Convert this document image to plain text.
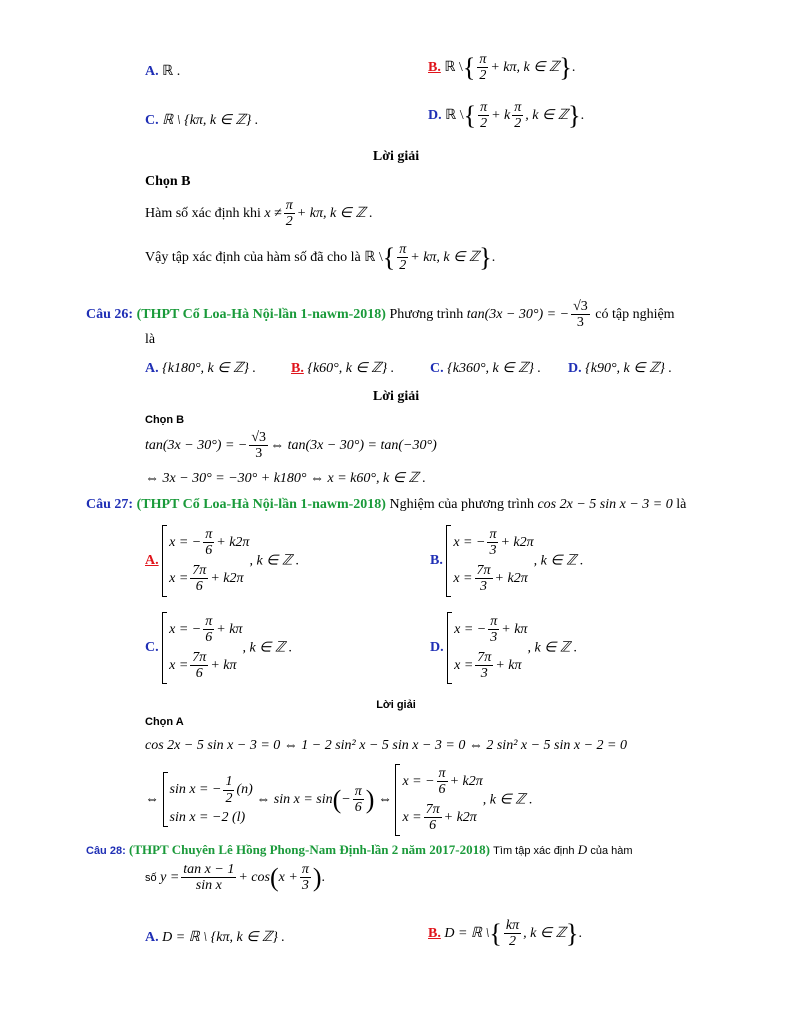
A. ℝ .	B. ℝ \{ $\frac{\pi}{2} + k\pi$, k ∈ ℤ}.
C. ℝ \ {kπ, k ∈ ℤ} .	D. ℝ \{ $\frac{\pi}{2} + k \frac{\pi}{2}$ , k ∈ ℤ}.
Lời giải
Chọn B
Hàm số xác định khi $x \ne \frac{\pi}{2} + k\pi$, k ∈ ℤ .
Vậy tập xác định của hàm số đã cho là ℝ \{ $\frac{\pi}{2} + k\pi$, k ∈ ℤ}.
Câu 26: (THPT Cổ Loa-Hà Nội-lần 1-nawm-2018) Phương trình tan(3x − 30°) = − $\frac{√3}{3}$ có tập nghiệm
là
A. {k180°, k ∈ ℤ} .	B. {k60°, k ∈ ℤ} .	C. {k360°, k ∈ ℤ} . D. {k90°, k ∈ ℤ} .
Lời giải
Chọn B
tan(3x − 30°) = − $\frac{√3}{3}$ ⇔ tan(3x − 30°) = tan(−30°)
⇔ 3x − 30° = −30° + k180° ⇔ x = k60°, k ∈ ℤ .
Câu 27: (THPT Cổ Loa-Hà Nội-lần 1-nawm-2018) Nghiệm của phương trình cos 2x − 5 sin x − 3 = 0 là
A.
x = − $\frac{\pi}{6} + k2\pi$
$x = \frac{7\pi}{6} + k2\pi$
, k ∈ ℤ .	B.
x = − $\frac{\pi}{3} + k2\pi$
$x = \frac{7\pi}{3} + k2\pi$
, k ∈ ℤ .
C.
x = − $\frac{\pi}{6} + k\pi$
$x = \frac{7\pi}{6} + k\pi$
, k ∈ ℤ .	D.
x = − $\frac{\pi}{3} + k\pi$
$x = \frac{7\pi}{3} + k\pi$
, k ∈ ℤ .
Lời giải
Chọn A
cos 2x − 5 sin x − 3 = 0 ⇔ 1 − 2 sin² x − 5 sin x − 3 = 0 ⇔ 2 sin² x − 5 sin x − 2 = 0
⇔
sin x = − $\frac{1}{2} (n)$
sin x = −2 (l)
⇔ $\sin x = \sin(- \frac{\pi}{6}$ ) ⇔
x = − $\frac{\pi}{6} + k2\pi$
$x = \frac{7\pi}{6} + k2\pi$
, k ∈ ℤ .
Câu 28: (THPT Chuyên Lê Hồng Phong-Nam Định-lần 2 năm 2017-2018) Tìm tập xác định D của hàm
số $y = \frac{\text{tan x − 1}}{\text{sin x}} + \cos(x + \frac{\pi}{3}$ ).
A. D = ℝ \ {kπ, k ∈ ℤ} .	B. D = ℝ \{ $\frac{k\pi}{2}$ , k ∈ ℤ}.
